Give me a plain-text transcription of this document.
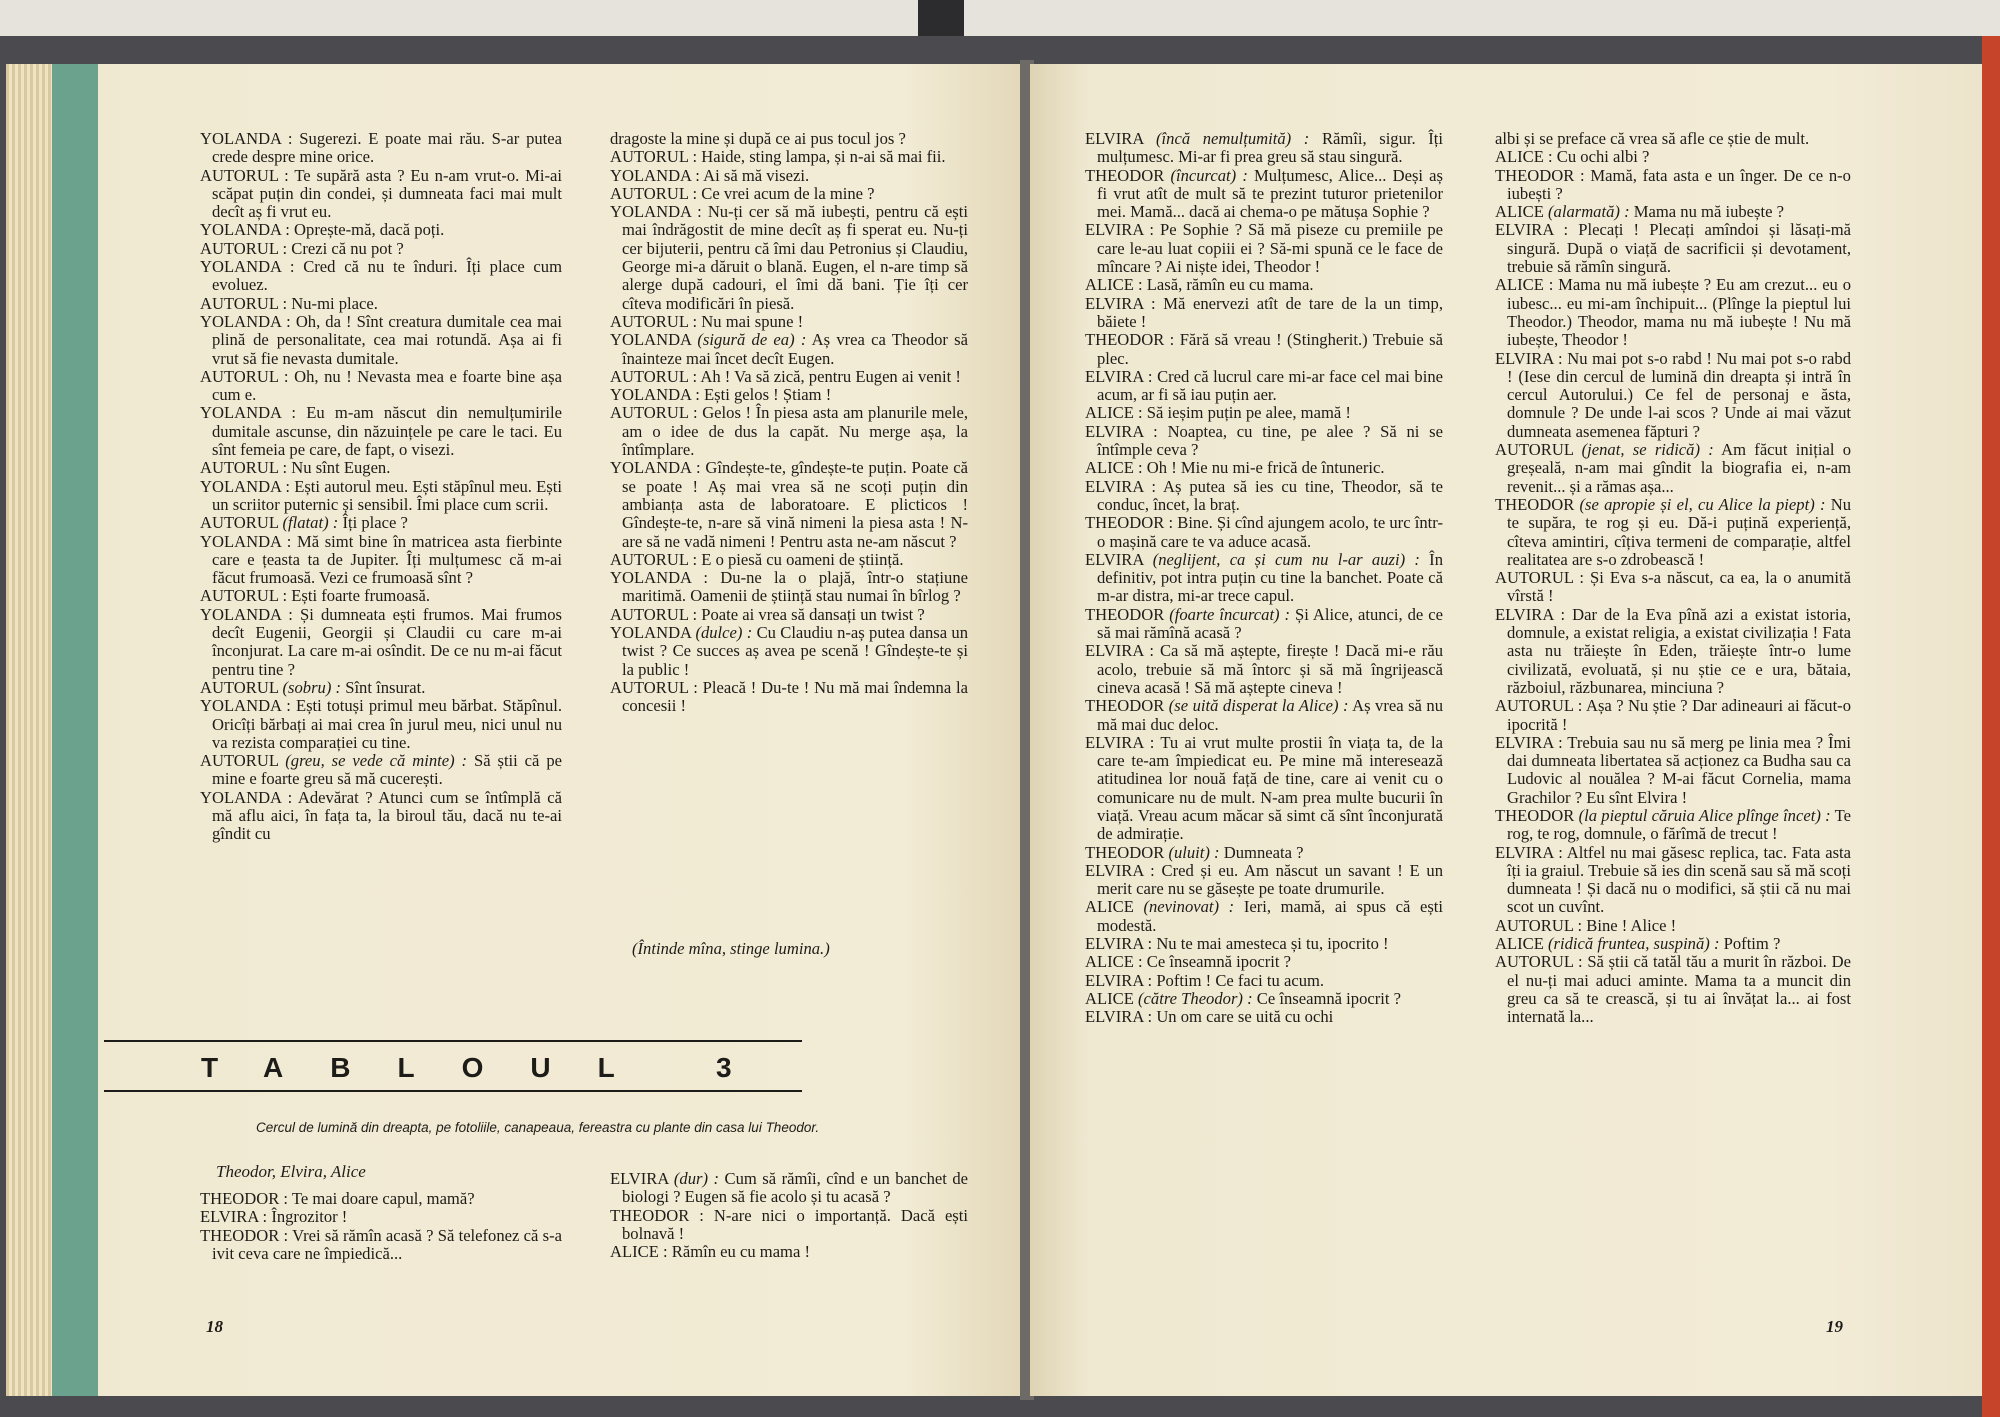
YOLANDA : Sugerezi. E poate mai rău. S-ar putea crede despre mine orice.

AUTORUL : Te supără asta ? Eu n-am vrut-o. Mi-ai scăpat puțin din condei, și dumneata faci mai mult decît aș fi vrut eu.

YOLANDA : Oprește-mă, dacă poți.

AUTORUL : Crezi că nu pot ?

YOLANDA : Cred că nu te înduri. Îți place cum evoluez.

AUTORUL : Nu-mi place.

YOLANDA : Oh, da ! Sînt creatura dumitale cea mai plină de personalitate, cea mai rotundă. Așa ai fi vrut să fie nevasta dumitale.

AUTORUL : Oh, nu ! Nevasta mea e foarte bine așa cum e.

YOLANDA : Eu m-am născut din nemulțumirile dumitale ascunse, din năzuințele pe care le taci. Eu sînt femeia pe care, de fapt, o visezi.

AUTORUL : Nu sînt Eugen.

YOLANDA : Ești autorul meu. Ești stăpînul meu. Ești un scriitor puternic și sensibil. Îmi place cum scrii.

AUTORUL (flatat) : Îți place ?

YOLANDA : Mă simt bine în matricea asta fierbinte care e țeasta ta de Jupiter. Îți mulțumesc că m-ai făcut frumoasă. Vezi ce frumoasă sînt ?

AUTORUL : Ești foarte frumoasă.

YOLANDA : Și dumneata ești frumos. Mai frumos decît Eugenii, Georgii și Claudii cu care m-ai înconjurat. La care m-ai osîndit. De ce nu m-ai făcut pentru tine ?

AUTORUL (sobru) : Sînt însurat.

YOLANDA : Ești totuși primul meu bărbat. Stăpînul. Oricîți bărbați ai mai crea în jurul meu, nici unul nu va rezista comparației cu tine.

AUTORUL (greu, se vede că minte) : Să știi că pe mine e foarte greu să mă cucerești.

YOLANDA : Adevărat ? Atunci cum se întîmplă că mă aflu aici, în fața ta, la biroul tău, dacă nu te-ai gîndit cu

dragoste la mine și după ce ai pus tocul jos ?

AUTORUL : Haide, sting lampa, și n-ai să mai fii.

YOLANDA : Ai să mă visezi.

AUTORUL : Ce vrei acum de la mine ?

YOLANDA : Nu-ți cer să mă iubești, pentru că ești mai îndrăgostit de mine decît aș fi sperat eu. Nu-ți cer bijuterii, pentru că îmi dau Petronius și Claudiu, George mi-a dăruit o blană. Eugen, el n-are timp să alerge după cadouri, el îmi dă bani. Ție îți cer cîteva modificări în piesă.

AUTORUL : Nu mai spune !

YOLANDA (sigură de ea) : Aș vrea ca Theodor să înainteze mai încet decît Eugen.

AUTORUL : Ah ! Va să zică, pentru Eugen ai venit !

YOLANDA : Ești gelos ! Știam !

AUTORUL : Gelos ! În piesa asta am planurile mele, am o idee de dus la capăt. Nu merge așa, la întîmplare.

YOLANDA : Gîndește-te, gîndește-te puțin. Poate că se poate ! Aș mai vrea să ne scoți puțin din ambianța asta de laboratoare. E plicticos ! Gîndește-te, n-are să vină nimeni la piesa asta ! N-are să ne vadă nimeni ! Pentru asta ne-am născut ?

AUTORUL : E o piesă cu oameni de știință.

YOLANDA : Du-ne la o plajă, într-o stațiune maritimă. Oamenii de știință stau numai în bîrlog ?

AUTORUL : Poate ai vrea să dansați un twist ?

YOLANDA (dulce) : Cu Claudiu n-aș putea dansa un twist ? Ce succes aș avea pe scenă ! Gîndește-te și la public !

AUTORUL : Pleacă ! Du-te ! Nu mă mai îndemna la concesii !

(Întinde mîna, stinge lumina.)
TABLOUL 3
Cercul de lumină din dreapta, pe fotoliile, canapeaua, fereastra cu plante din casa lui Theodor.
Theodor, Elvira, Alice

THEODOR : Te mai doare capul, mamă?

ELVIRA : Îngrozitor !

THEODOR : Vrei să rămîn acasă ? Să telefonez că s-a ivit ceva care ne împiedică...

ELVIRA (dur) : Cum să rămîi, cînd e un banchet de biologi ? Eugen să fie acolo și tu acasă ?

THEODOR : N-are nici o importanță. Dacă ești bolnavă !

ALICE : Rămîn eu cu mama !

18

ELVIRA (încă nemulțumită) : Rămîi, sigur. Îți mulțumesc. Mi-ar fi prea greu să stau singură.

THEODOR (încurcat) : Mulțumesc, Alice... Deși aș fi vrut atît de mult să te prezint tuturor prietenilor mei. Mamă... dacă ai chema-o pe mătușa Sophie ?

ELVIRA : Pe Sophie ? Să mă piseze cu premiile pe care le-au luat copiii ei ? Să-mi spună ce le face de mîncare ? Ai niște idei, Theodor !

ALICE : Lasă, rămîn eu cu mama.

ELVIRA : Mă enervezi atît de tare de la un timp, băiete !

THEODOR : Fără să vreau ! (Stingherit.) Trebuie să plec.

ELVIRA : Cred că lucrul care mi-ar face cel mai bine acum, ar fi să iau puțin aer.

ALICE : Să ieșim puțin pe alee, mamă !

ELVIRA : Noaptea, cu tine, pe alee ? Să ni se întîmple ceva ?

ALICE : Oh ! Mie nu mi-e frică de întuneric.

ELVIRA : Aș putea să ies cu tine, Theodor, să te conduc, încet, la braț.

THEODOR : Bine. Și cînd ajungem acolo, te urc într-o mașină care te va aduce acasă.

ELVIRA (neglijent, ca și cum nu l-ar auzi) : În definitiv, pot intra puțin cu tine la banchet. Poate că m-ar distra, mi-ar trece capul.

THEODOR (foarte încurcat) : Și Alice, atunci, de ce să mai rămînă acasă ?

ELVIRA : Ca să mă aștepte, firește ! Dacă mi-e rău acolo, trebuie să mă întorc și să mă îngrijească cineva acasă ! Să mă aștepte cineva !

THEODOR (se uită disperat la Alice) : Aș vrea să nu mă mai duc deloc.

ELVIRA : Tu ai vrut multe prostii în viața ta, de la care te-am împiedicat eu. Pe mine mă interesează atitudinea lor nouă față de tine, care ai venit cu o comunicare nu de mult. N-am prea multe bucurii în viață. Vreau acum măcar să simt că sînt înconjurată de admirație.

THEODOR (uluit) : Dumneata ?

ELVIRA : Cred și eu. Am născut un savant ! E un merit care nu se găsește pe toate drumurile.

ALICE (nevinovat) : Ieri, mamă, ai spus că ești modestă.

ELVIRA : Nu te mai amesteca și tu, ipocrito !

ALICE : Ce înseamnă ipocrit ?

ELVIRA : Poftim ! Ce faci tu acum.

ALICE (către Theodor) : Ce înseamnă ipocrit ?

ELVIRA : Un om care se uită cu ochi

albi și se preface că vrea să afle ce știe de mult.

ALICE : Cu ochi albi ?

THEODOR : Mamă, fata asta e un înger. De ce n-o iubești ?

ALICE (alarmată) : Mama nu mă iubește ?

ELVIRA : Plecați ! Plecați amîndoi și lăsați-mă singură. După o viață de sacrificii și devotament, trebuie să rămîn singură.

ALICE : Mama nu mă iubește ? Eu am crezut... eu o iubesc... eu mi-am închipuit... (Plînge la pieptul lui Theodor.) Theodor, mama nu mă iubește ! Nu mă iubește, Theodor !

ELVIRA : Nu mai pot s-o rabd ! Nu mai pot s-o rabd ! (Iese din cercul de lumină din dreapta și intră în cercul Autorului.) Ce fel de personaj e ăsta, domnule ? De unde l-ai scos ? Unde ai mai văzut dumneata asemenea făpturi ?

AUTORUL (jenat, se ridică) : Am făcut inițial o greșeală, n-am mai gîndit la biografia ei, n-am revenit... și a rămas așa...

THEODOR (se apropie și el, cu Alice la piept) : Nu te supăra, te rog și eu. Dă-i puțină experiență, cîteva amintiri, cîțiva termeni de comparație, altfel realitatea are s-o zdrobească !

AUTORUL : Și Eva s-a născut, ca ea, la o anumită vîrstă !

ELVIRA : Dar de la Eva pînă azi a existat istoria, domnule, a existat religia, a existat civilizația ! Fata asta nu trăiește în Eden, trăiește într-o lume civilizată, evoluată, și nu știe ce e ura, bătaia, războiul, răzbunarea, minciuna ?

AUTORUL : Așa ? Nu știe ? Dar adineauri ai făcut-o ipocrită !

ELVIRA : Trebuia sau nu să merg pe linia mea ? Îmi dai dumneata libertatea să acționez ca Budha sau ca Ludovic al nouălea ? M-ai făcut Cornelia, mama Grachilor ? Eu sînt Elvira !

THEODOR (la pieptul căruia Alice plînge încet) : Te rog, te rog, domnule, o fărîmă de trecut !

ELVIRA : Altfel nu mai găsesc replica, tac. Fata asta îți ia graiul. Trebuie să ies din scenă sau să mă scoți dumneata ! Și dacă nu o modifici, să știi că nu mai scot un cuvînt.

AUTORUL : Bine ! Alice !

ALICE (ridică fruntea, suspină) : Poftim ?

AUTORUL : Să știi că tatăl tău a murit în război. De el nu-ți mai aduci aminte. Mama ta a muncit din greu ca să te crească, și tu ai învățat la... ai fost internată la...

19
